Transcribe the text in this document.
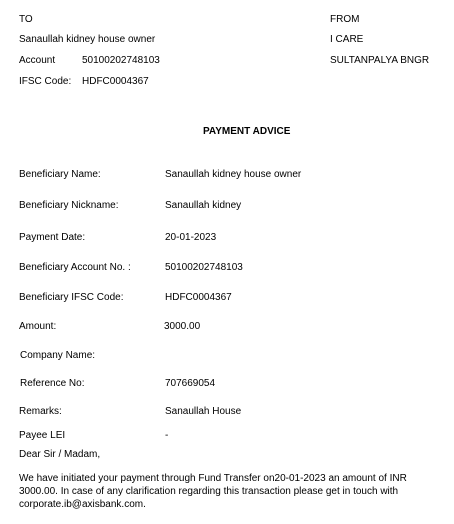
TO
Sanaullah kidney house owner
Account	50100202748103
IFSC Code: HDFC0004367
FROM
I CARE
SULTANPALYA BNGR
PAYMENT ADVICE
Beneficiary Name:	Sanaullah kidney house owner
Beneficiary Nickname:	Sanaullah kidney
Payment Date:	20-01-2023
Beneficiary Account No. :	50100202748103
Beneficiary IFSC Code:	HDFC0004367
Amount:	3000.00
Company Name:
Reference No:	707669054
Remarks:	Sanaullah House
Payee LEI	-
Dear Sir / Madam,
We have initiated your payment through Fund Transfer on20-01-2023 an amount of INR 3000.00. In case of any clarification regarding this transaction please get in touch with corporate.ib@axisbank.com.
